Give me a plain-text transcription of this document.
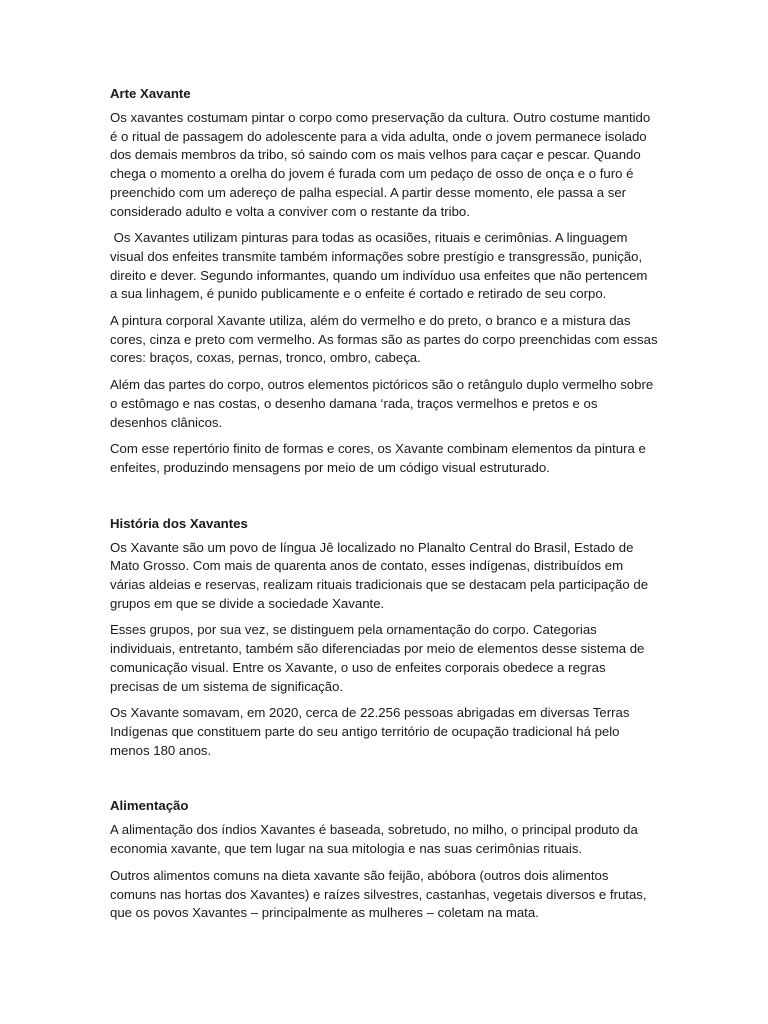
Arte Xavante

Os xavantes costumam pintar o corpo como preservação da cultura. Outro costume mantido é o ritual de passagem do adolescente para a vida adulta, onde o jovem permanece isolado dos demais membros da tribo, só saindo com os mais velhos para caçar e pescar. Quando chega o momento a orelha do jovem é furada com um pedaço de osso de onça e o furo é preenchido com um adereço de palha especial. A partir desse momento, ele passa a ser considerado adulto e volta a conviver com o restante da tribo.

Os Xavantes utilizam pinturas para todas as ocasiões, rituais e cerimônias. A linguagem visual dos enfeites transmite também informações sobre prestígio e transgressão, punição, direito e dever. Segundo informantes, quando um indivíduo usa enfeites que não pertencem a sua linhagem, é punido publicamente e o enfeite é cortado e retirado de seu corpo.

A pintura corporal Xavante utiliza, além do vermelho e do preto, o branco e a mistura das cores, cinza e preto com vermelho. As formas são as partes do corpo preenchidas com essas cores: braços, coxas, pernas, tronco, ombro, cabeça.

Além das partes do corpo, outros elementos pictóricos são o retângulo duplo vermelho sobre o estômago e nas costas, o desenho damana ‘rada, traços vermelhos e pretos e os desenhos clânicos.

Com esse repertório finito de formas e cores, os Xavante combinam elementos da pintura e enfeites, produzindo mensagens por meio de um código visual estruturado.

História dos Xavantes

Os Xavante são um povo de língua Jê localizado no Planalto Central do Brasil, Estado de Mato Grosso. Com mais de quarenta anos de contato, esses indígenas, distribuídos em várias aldeias e reservas, realizam rituais tradicionais que se destacam pela participação de grupos em que se divide a sociedade Xavante.

Esses grupos, por sua vez, se distinguem pela ornamentação do corpo. Categorias individuais, entretanto, também são diferenciadas por meio de elementos desse sistema de comunicação visual. Entre os Xavante, o uso de enfeites corporais obedece a regras precisas de um sistema de significação.

Os Xavante somavam, em 2020, cerca de 22.256 pessoas abrigadas em diversas Terras Indígenas que constituem parte do seu antigo território de ocupação tradicional há pelo menos 180 anos.

Alimentação

A alimentação dos índios Xavantes é baseada, sobretudo, no milho, o principal produto da economia xavante, que tem lugar na sua mitologia e nas suas cerimônias rituais.

Outros alimentos comuns na dieta xavante são feijão, abóbora (outros dois alimentos comuns nas hortas dos Xavantes) e raízes silvestres, castanhas, vegetais diversos e frutas, que os povos Xavantes – principalmente as mulheres – coletam na mata.
